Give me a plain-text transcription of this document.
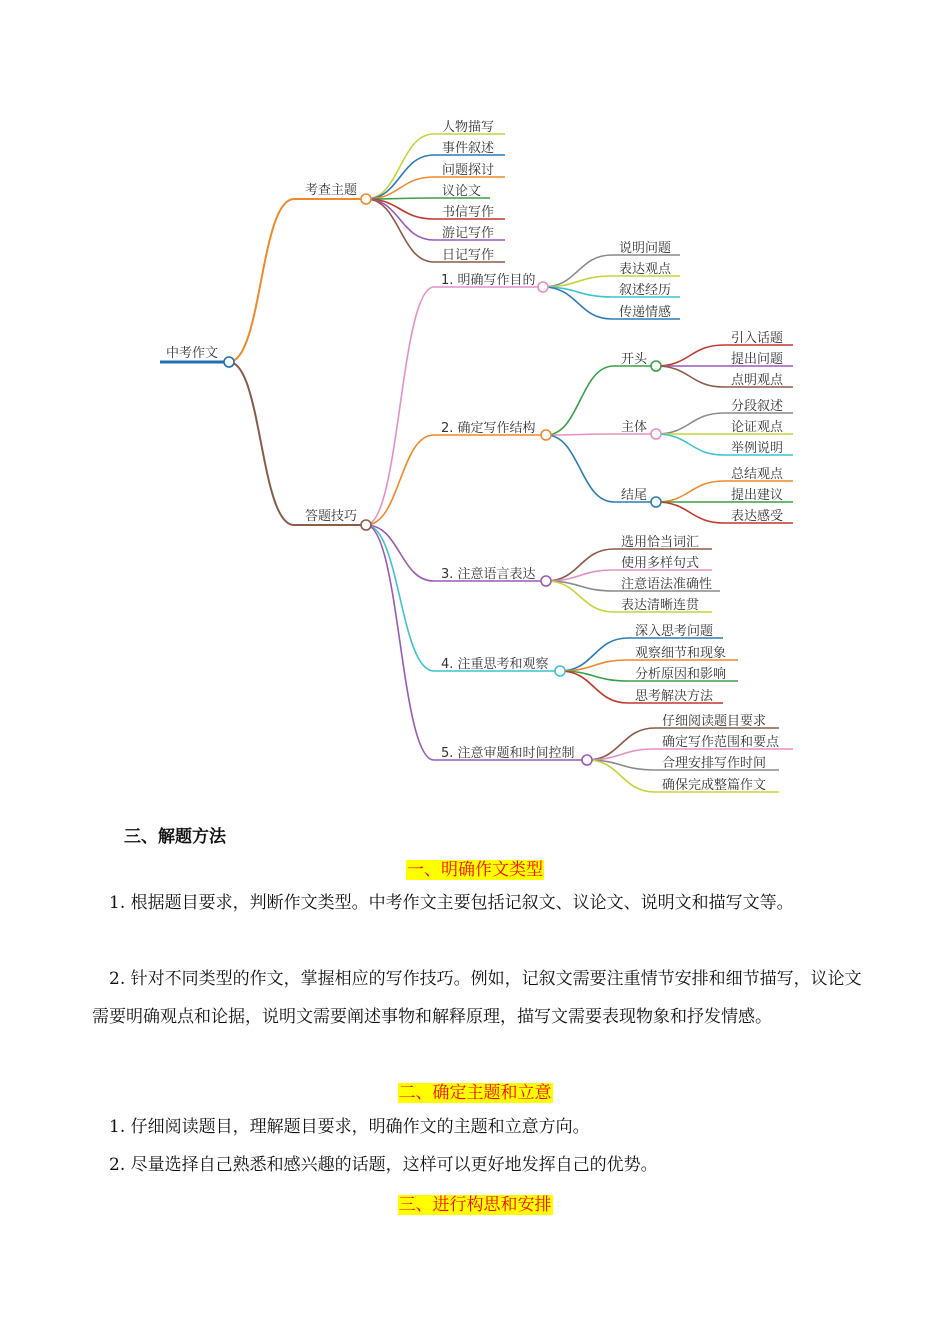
中考作文
考查主题
答题技巧
人物描写
事件叙述
问题探讨
议论文
书信写作
游记写作
日记写作
1. 明确写作目的
2. 确定写作结构
3. 注意语言表达
4. 注重思考和观察
5. 注意审题和时间控制
说明问题
表达观点
叙述经历
传递情感
开头
主体
结尾
引入话题
提出问题
点明观点
分段叙述
论证观点
举例说明
总结观点
提出建议
表达感受
选用恰当词汇
使用多样句式
注意语法准确性
表达清晰连贯
深入思考问题
观察细节和现象
分析原因和影响
思考解决方法
仔细阅读题目要求
确定写作范围和要点
合理安排写作时间
确保完成整篇作文
三、解题方法
一、明确作文类型
1. 根据题目要求，判断作文类型。中考作文主要包括记叙文、议论文、说明文和描写文等。
2. 针对不同类型的作文，掌握相应的写作技巧。例如，记叙文需要注重情节安排和细节描写，议论文需要明确观点和论据，说明文需要阐述事物和解释原理，描写文需要表现物象和抒发情感。
二、确定主题和立意
1. 仔细阅读题目，理解题目要求，明确作文的主题和立意方向。
2. 尽量选择自己熟悉和感兴趣的话题，这样可以更好地发挥自己的优势。
三、进行构思和安排
